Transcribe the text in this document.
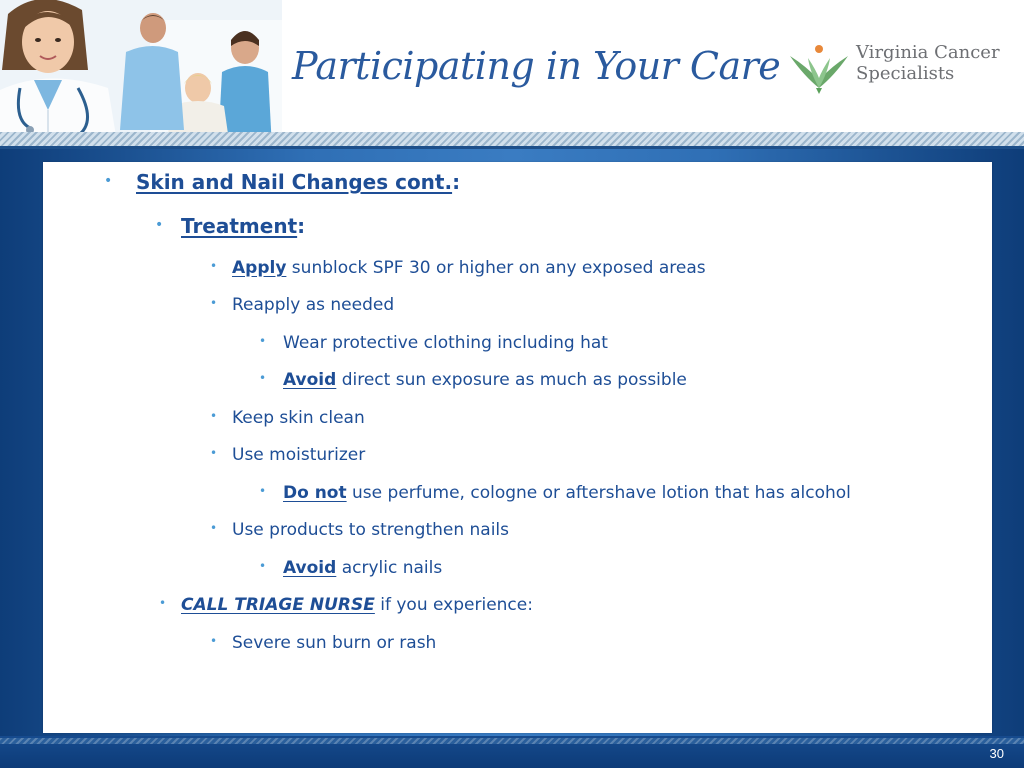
Participating in Your Care	Virginia Cancer
Specialists
• Skin and Nail Changes cont.:
• Treatment:
• Apply sunblock SPF 30 or higher on any exposed areas
• Reapply as needed
• Wear protective clothing including hat
• Avoid direct sun exposure as much as possible
• Keep skin clean
• Use moisturizer
• Do not use perfume, cologne or aftershave lotion that has alcohol
• Use products to strengthen nails
• Avoid acrylic nails
• CALL TRIAGE NURSE if you experience:
• Severe sun burn or rash
30
